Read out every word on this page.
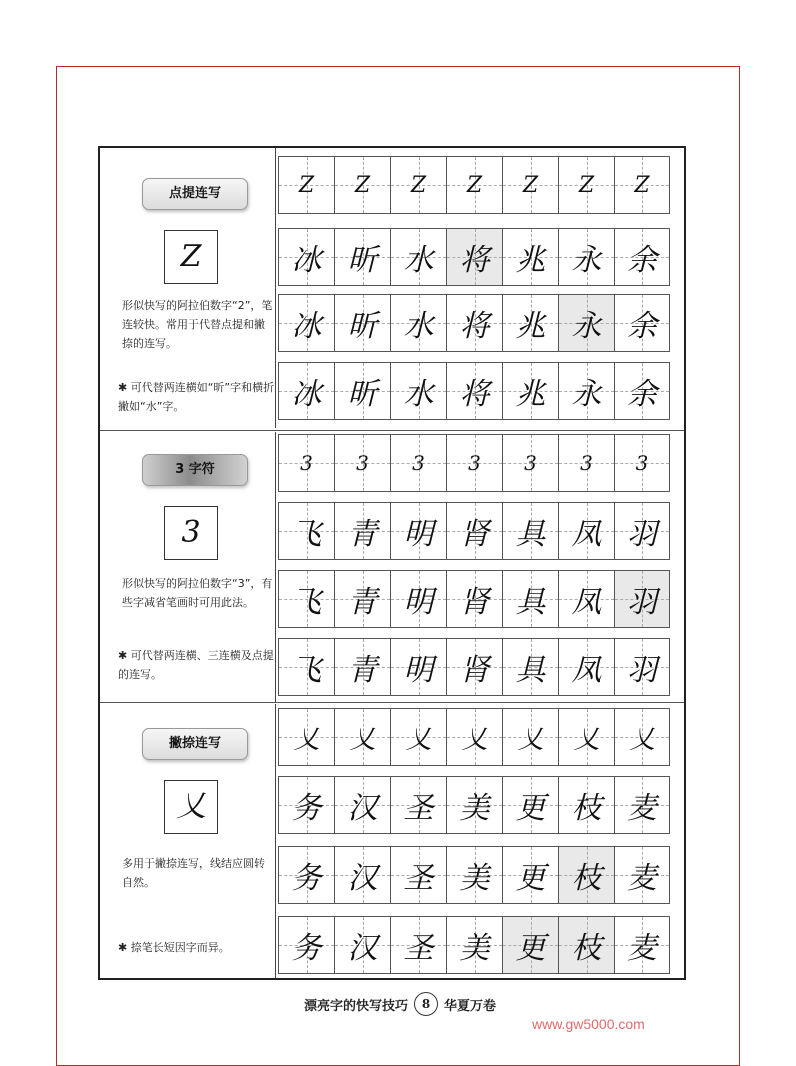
点提连写
Z
形似快写的阿拉伯数字“2”，笔连较快。常用于代替点提和撇捺的连写。
✱ 可代替两连横如“昕”字和横折撇如“水”字。
Z Z Z Z Z Z Z
冰 昕 水 将 兆 永 余
冰 昕 水 将 兆 永 余
冰 昕 水 将 兆 永 余
3 字符
3
形似快写的阿拉伯数字“3”，有些字减省笔画时可用此法。
✱ 可代替两连横、三连横及点提的连写。
3 3 3 3 3 3 3
飞 青 明 肾 具 凤 羽
飞 青 明 肾 具 凤 羽
飞 青 明 肾 具 凤 羽
撇捺连写
乂
多用于撇捺连写，线结应圆转自然。
✱ 捺笔长短因字而异。
乂 乂 乂 乂 乂 乂 乂
务 汉 圣 美 更 枝 麦
务 汉 圣 美 更 枝 麦
务 汉 圣 美 更 枝 麦
漂亮字的快写技巧	8	华夏万卷
www.gw5000.com
